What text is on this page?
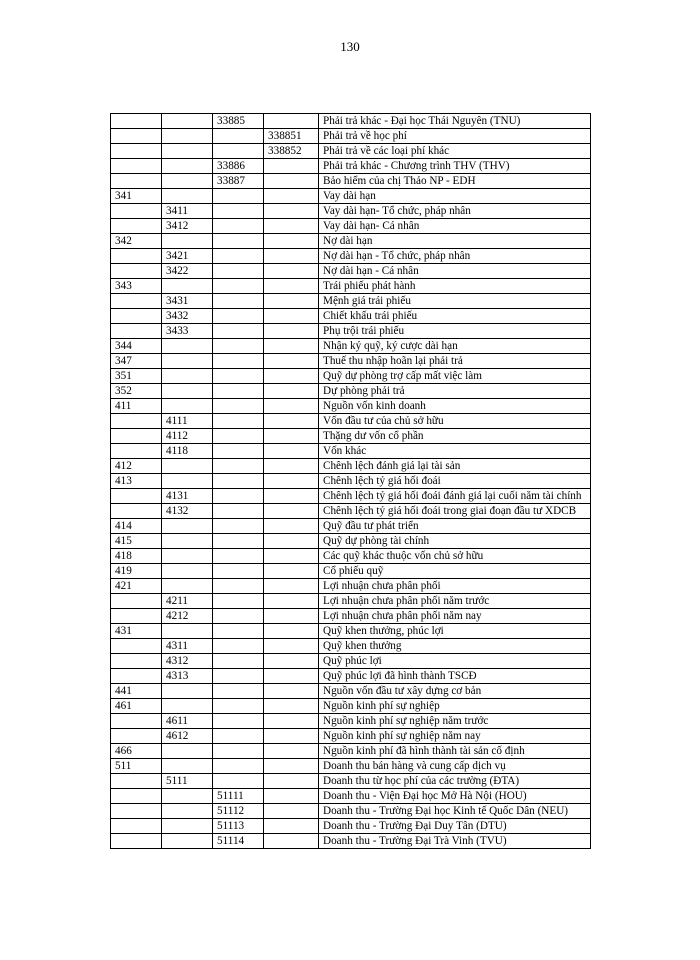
130
		33885		Phải trả khác - Đại học Thái Nguyên (TNU)
			338851	Phải trả về học phí
			338852	Phải trả về các loại phí khác
		33886		Phải trả khác - Chương trình THV (THV)
		33887		Bảo hiểm của chị Thảo NP - EDH
341				Vay dài hạn
	3411			Vay dài hạn- Tổ chức, pháp nhân
	3412			Vay dài hạn- Cá nhân
342				Nợ dài hạn
	3421			Nợ dài hạn - Tổ chức, pháp nhân
	3422			Nợ dài hạn - Cá nhân
343				Trái phiếu phát hành
	3431			Mệnh giá trái phiếu
	3432			Chiết khấu trái phiếu
	3433			Phụ trội trái phiếu
344				Nhận ký quỹ, ký cược dài hạn
347				Thuế thu nhập hoãn lại phải trả
351				Quỹ dự phòng trợ cấp mất việc làm
352				Dự phòng phải trả
411				Nguồn vốn kinh doanh
	4111			Vốn đầu tư của chủ sở hữu
	4112			Thặng dư vốn cổ phần
	4118			Vốn khác
412				Chênh lệch đánh giá lại tài sản
413				Chênh lệch tỷ giá hối đoái
	4131			Chênh lệch tỷ giá hối đoái đánh giá lại cuối năm tài chính
	4132			Chênh lệch tỷ giá hối đoái trong giai đoạn đầu tư XDCB
414				Quỹ đầu tư phát triển
415				Quỹ dự phòng tài chính
418				Các quỹ khác thuộc vốn chủ sở hữu
419				Cổ phiếu quỹ
421				Lợi nhuận chưa phân phối
	4211			Lợi nhuận chưa phân phối năm trước
	4212			Lợi nhuận chưa phân phối năm nay
431				Quỹ khen thưởng, phúc lợi
	4311			Quỹ khen thưởng
	4312			Quỹ phúc lợi
	4313			Quỹ phúc lợi đã hình thành TSCĐ
441				Nguồn vốn đầu tư xây dựng cơ bản
461				Nguồn kinh phí sự nghiệp
	4611			Nguồn kinh phí sự nghiệp năm trước
	4612			Nguồn kinh phí sự nghiệp năm nay
466				Nguồn kinh phí đã hình thành tài sản cố định
511				Doanh thu bán hàng và cung cấp dịch vụ
	5111			Doanh thu từ học phí của các trường (ĐTA)
		51111		Doanh thu - Viện Đại học Mở Hà Nội (HOU)
		51112		Doanh thu - Trường Đại học Kinh tế Quốc Dân (NEU)
		51113		Doanh thu - Trường Đại Duy Tân (DTU)
		51114		Doanh thu - Trường Đại Trà Vinh (TVU)
